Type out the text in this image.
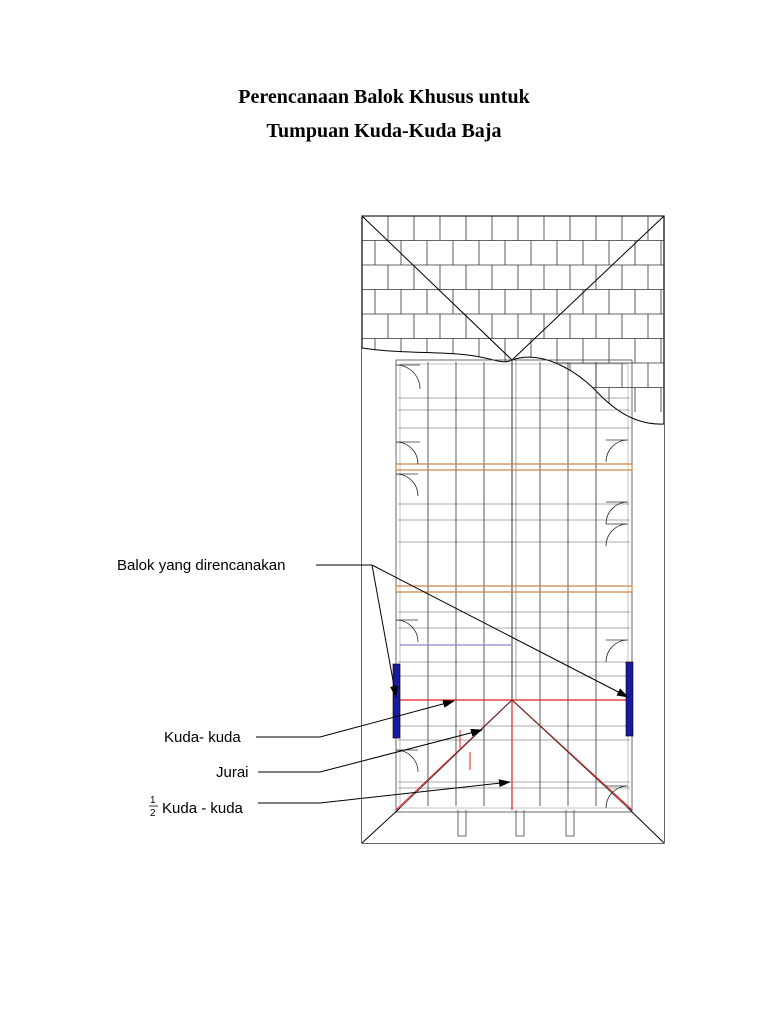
Perencanaan Balok Khusus untuk
Tumpuan Kuda-Kuda Baja
Balok yang direncanakan
Kuda- kuda
Jurai
1
2 Kuda - kuda
